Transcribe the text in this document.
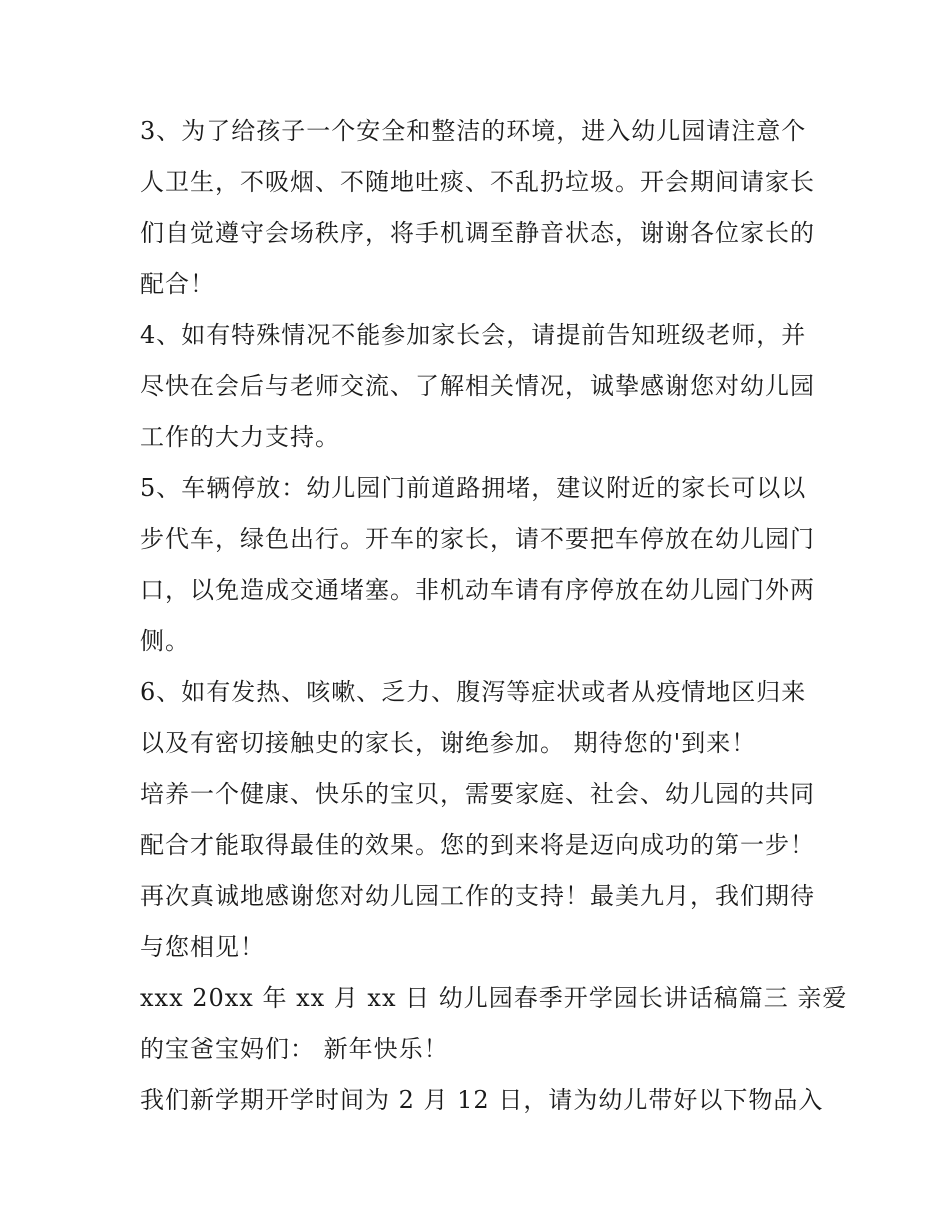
3、为了给孩子一个安全和整洁的环境，进入幼儿园请注意个
人卫生，不吸烟、不随地吐痰、不乱扔垃圾。开会期间请家长
们自觉遵守会场秩序，将手机调至静音状态，谢谢各位家长的
配合！
4、如有特殊情况不能参加家长会，请提前告知班级老师，并
尽快在会后与老师交流、了解相关情况，诚挚感谢您对幼儿园
工作的大力支持。
5、车辆停放：幼儿园门前道路拥堵，建议附近的家长可以以
步代车，绿色出行。开车的家长，请不要把车停放在幼儿园门
口，以免造成交通堵塞。非机动车请有序停放在幼儿园门外两
侧。
6、如有发热、咳嗽、乏力、腹泻等症状或者从疫情地区归来
以及有密切接触史的家长，谢绝参加。 期待您的'到来！
培养一个健康、快乐的宝贝，需要家庭、社会、幼儿园的共同
配合才能取得最佳的效果。您的到来将是迈向成功的第一步！
再次真诚地感谢您对幼儿园工作的支持！最美九月，我们期待
与您相见！
xxx 20xx 年 xx 月 xx 日 幼儿园春季开学园长讲话稿篇三 亲爱
的宝爸宝妈们： 新年快乐！
我们新学期开学时间为 2 月 12 日，请为幼儿带好以下物品入
